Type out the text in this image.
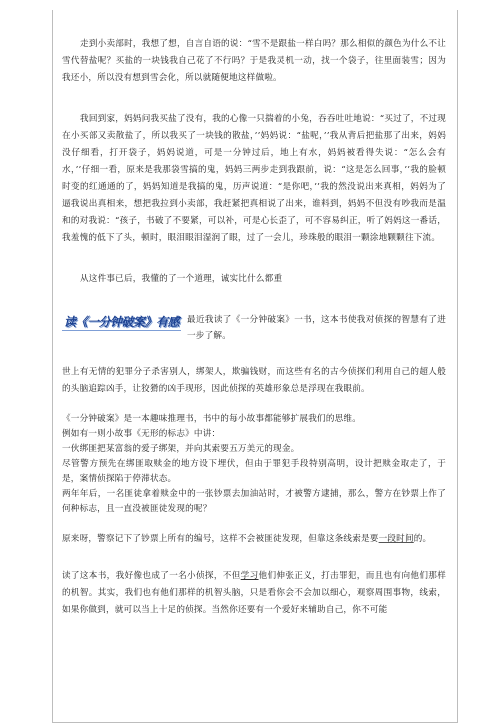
走到小卖部时，我想了想，自言自语的说：“雪不是跟盐一样白吗？那么相似的颜色为什么不让雪代替盐呢？买盐的一块钱我自己花了不行吗？于是我灵机一动，找一个袋子，往里面装雪；因为我还小，所以没有想到雪会化，所以就随便地这样做啦。

我回到家，妈妈问我买盐了没有，我的心像一只揣着的小兔，吞吞吐吐地说：“买过了，不过现在小买部又卖散盐了，所以我买了一块钱的散盐，’’妈妈说：“盐呢，’’我从背后把盐那了出来，妈妈没仔细看，打开袋子，妈妈说道，可是一分钟过后，地上有水，妈妈被看得失说：“怎么会有水，’’仔细一看，原来是我那袋雪搞的鬼，妈妈三两步走到我跟前，说：“这是怎么回事，’’我的脸顿时变的红通通的了，妈妈知道是我搞的鬼，历声说道：“是你吧，’’我的然没说出来真相，妈妈为了逼我说出真相来，想把我拉到小卖部，我赶紧把真相说了出来，谁料到，妈妈不但没有吵我而是温和的对我说：“孩子，书破了不要紧，可以补，可是心长歪了，可不容易纠正，听了妈妈这一番话，我羞愧的低下了头，顿时，眼泪眼泪湿润了眼，过了一会儿，珍珠般的眼泪一颗涂地颗颗往下流。

从这件事已后，我懂的了一个道理，诚实比什么都重

读《一分钟破案》有感 最近我读了《一分钟破案》一书，这本书使我对侦探的智慧有了进一步了解。

世上有无情的犯罪分子杀害别人，绑架人，欺骗钱财，而这些有名的古今侦探们利用自己的超人般的头脑追踪凶手，让狡猾的凶手现形，因此侦探的英雄形象总是浮现在我眼前。

《一分钟破案》是一本趣味推理书，书中的每小故事都能够扩展我们的思维。

例如有一则小故事《无形的标志》中讲：

一伙绑匪把某富翁的爱子绑架，并向其索要五万美元的现金。

尽管警方预先在绑匪取赎金的地方设下埋伏，但由于罪犯手段特别高明，设计把赎金取走了，于是，案情侦探陷于停滞状态。

两年年后，一名匪徒拿着赎金中的一张钞票去加油站时，才被警方逮捕，那么，警方在钞票上作了何种标志，且一直没被匪徒发现的呢？

原来呀，警察记下了钞票上所有的编号，这样不会被匪徒发现，但靠这条线索是要一段时间的。

读了这本书，我好像也成了一名小侦探，不但学习他们伸张正义，打击罪犯，而且也有向他们那样的机智。其实，我们也有他们那样的机智头脑，只是看你会不会加以细心，观察周围事物，线索，如果你做到，就可以当上十足的侦探。当然你还要有一个爱好来辅助自己，你不可能
